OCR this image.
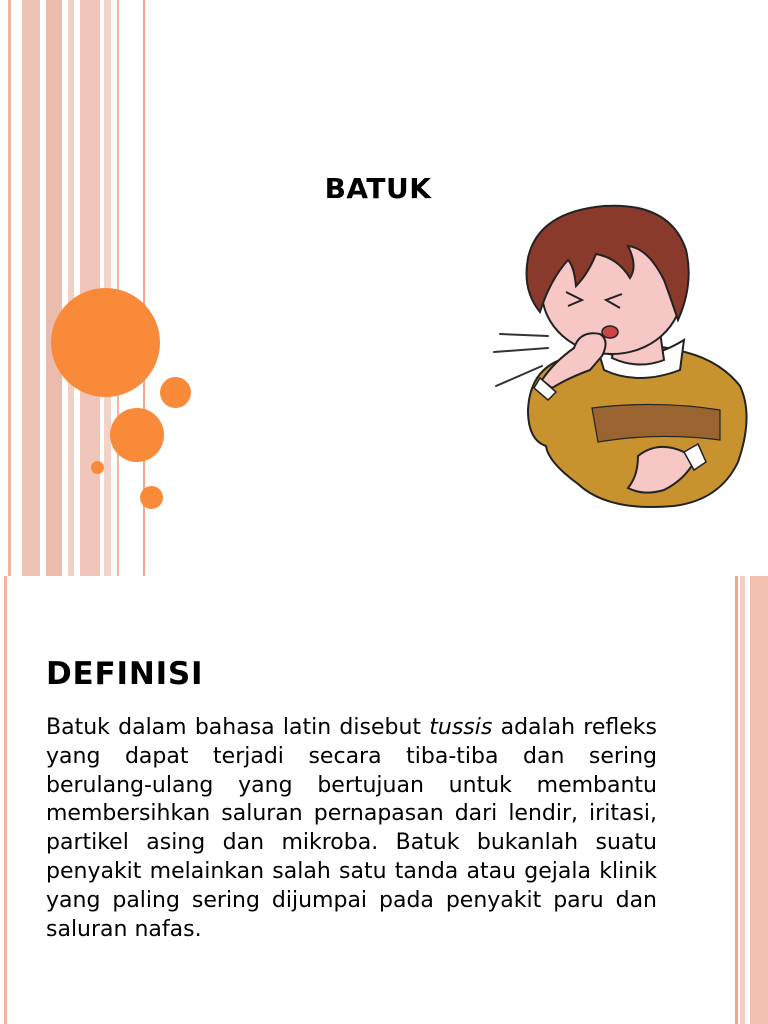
BATUK
DEFINISI

Batuk dalam bahasa latin disebut tussis adalah refleks yang dapat terjadi secara tiba-tiba dan sering berulang-ulang yang bertujuan untuk membantu membersihkan saluran pernapasan dari lendir, iritasi, partikel asing dan mikroba. Batuk bukanlah suatu penyakit melainkan salah satu tanda atau gejala klinik yang paling sering dijumpai pada penyakit paru dan saluran nafas.
